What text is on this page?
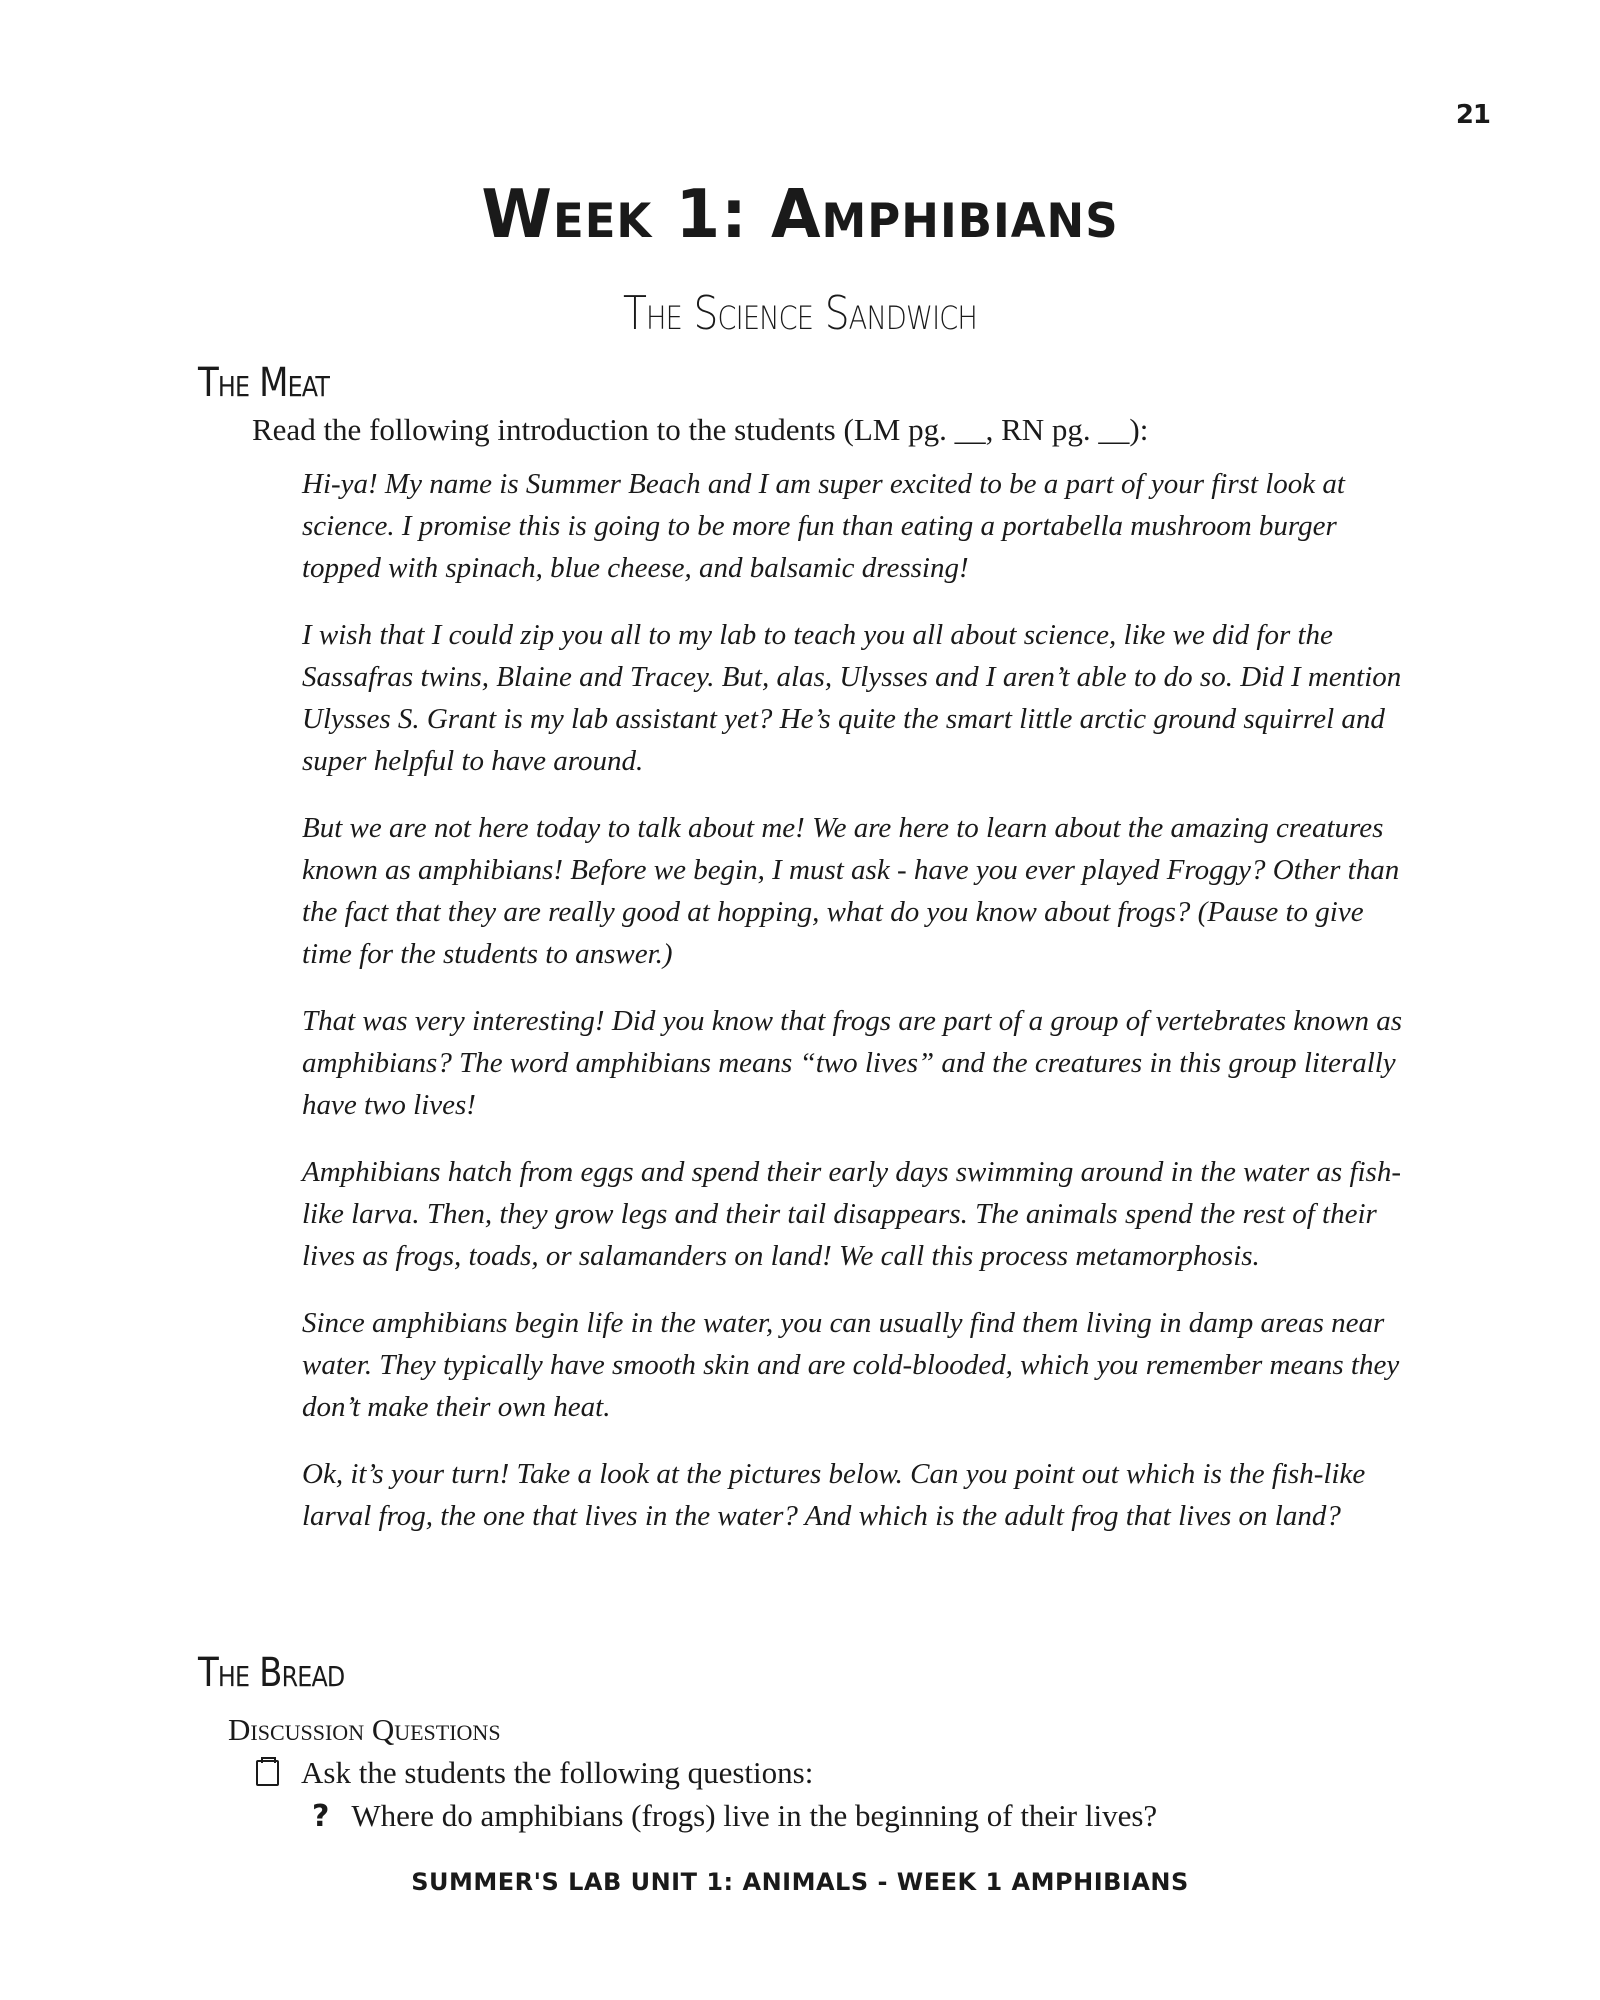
21
Week 1: Amphibians
The Science Sandwich
The Meat
Read the following introduction to the students (LM pg. __, RN pg. __):

Hi-ya! My name is Summer Beach and I am super excited to be a part of your first look at science. I promise this is going to be more fun than eating a portabella mushroom burger topped with spinach, blue cheese, and balsamic dressing!

I wish that I could zip you all to my lab to teach you all about science, like we did for the Sassafras twins, Blaine and Tracey. But, alas, Ulysses and I aren’t able to do so. Did I mention Ulysses S. Grant is my lab assistant yet? He’s quite the smart little arctic ground squirrel and super helpful to have around.

But we are not here today to talk about me! We are here to learn about the amazing creatures known as amphibians! Before we begin, I must ask - have you ever played Froggy? Other than the fact that they are really good at hopping, what do you know about frogs? (Pause to give time for the students to answer.)

That was very interesting! Did you know that frogs are part of a group of vertebrates known as amphibians? The word amphibians means “two lives” and the creatures in this group literally have two lives!

Amphibians hatch from eggs and spend their early days swimming around in the water as fish-like larva. Then, they grow legs and their tail disappears. The animals spend the rest of their lives as frogs, toads, or salamanders on land! We call this process metamorphosis.

Since amphibians begin life in the water, you can usually find them living in damp areas near water. They typically have smooth skin and are cold-blooded, which you remember means they don’t make their own heat.

Ok, it’s your turn! Take a look at the pictures below. Can you point out which is the fish-like larval frog, the one that lives in the water? And which is the adult frog that lives on land?

The Bread
Discussion Questions
Ask the students the following questions:
? Where do amphibians (frogs) live in the beginning of their lives?
SUMMER'S LAB UNIT 1: ANIMALS - WEEK 1 AMPHIBIANS
